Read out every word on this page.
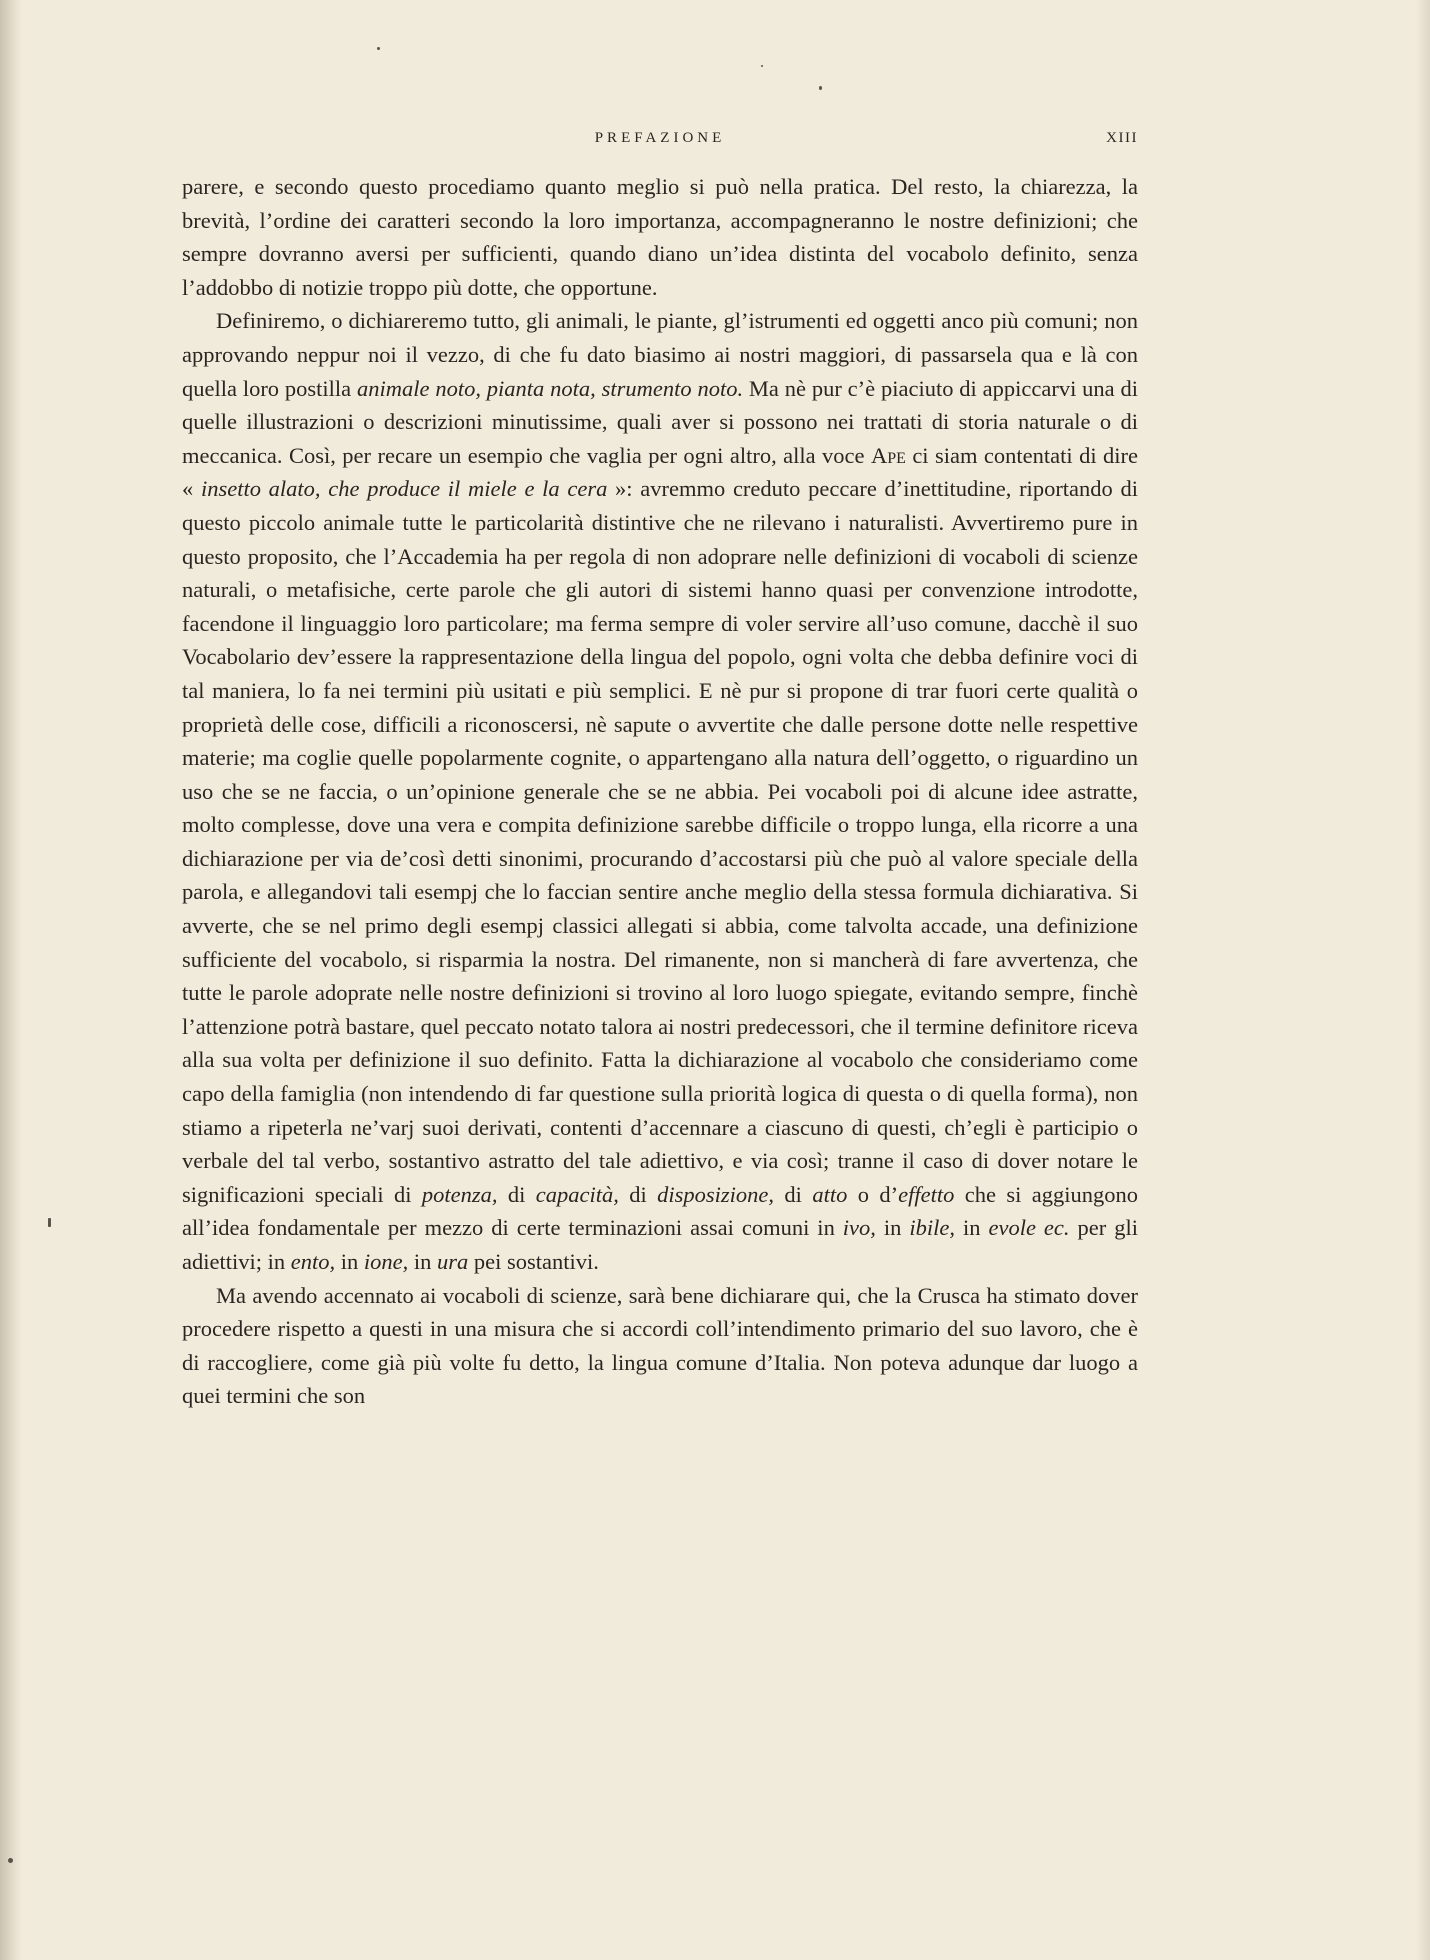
PREFAZIONE	XIII

parere, e secondo questo procediamo quanto meglio si può nella pratica. Del resto, la chiarezza, la brevità, l’ordine dei caratteri secondo la loro importanza, accompagneranno le nostre definizioni; che sempre dovranno aversi per sufficienti, quando diano un’idea distinta del vocabolo definito, senza l’addobbo di notizie troppo più dotte, che opportune.

Definiremo, o dichiareremo tutto, gli animali, le piante, gl’istrumenti ed oggetti anco più comuni; non approvando neppur noi il vezzo, di che fu dato biasimo ai nostri maggiori, di passarsela qua e là con quella loro postilla animale noto, pianta nota, strumento noto. Ma nè pur c’è piaciuto di appiccarvi una di quelle illustrazioni o descrizioni minutissime, quali aver si possono nei trattati di storia naturale o di meccanica. Così, per recare un esempio che vaglia per ogni altro, alla voce Ape ci siam contentati di dire « insetto alato, che produce il miele e la cera »: avremmo creduto peccare d’inettitudine, riportando di questo piccolo animale tutte le particolarità distintive che ne rilevano i naturalisti. Avvertiremo pure in questo proposito, che l’Accademia ha per regola di non adoprare nelle definizioni di vocaboli di scienze naturali, o metafisiche, certe parole che gli autori di sistemi hanno quasi per convenzione introdotte, facendone il linguaggio loro particolare; ma ferma sempre di voler servire all’uso comune, dacchè il suo Vocabolario dev’essere la rappresentazione della lingua del popolo, ogni volta che debba definire voci di tal maniera, lo fa nei termini più usitati e più semplici. E nè pur si propone di trar fuori certe qualità o proprietà delle cose, difficili a riconoscersi, nè sapute o avvertite che dalle persone dotte nelle respettive materie; ma coglie quelle popolarmente cognite, o appartengano alla natura dell’oggetto, o riguardino un uso che se ne faccia, o un’opinione generale che se ne abbia. Pei vocaboli poi di alcune idee astratte, molto complesse, dove una vera e compita definizione sarebbe difficile o troppo lunga, ella ricorre a una dichiarazione per via de’così detti sinonimi, procurando d’accostarsi più che può al valore speciale della parola, e allegandovi tali esempj che lo faccian sentire anche meglio della stessa formula dichiarativa. Si avverte, che se nel primo degli esempj classici allegati si abbia, come talvolta accade, una definizione sufficiente del vocabolo, si risparmia la nostra. Del rimanente, non si mancherà di fare avvertenza, che tutte le parole adoprate nelle nostre definizioni si trovino al loro luogo spiegate, evitando sempre, finchè l’attenzione potrà bastare, quel peccato notato talora ai nostri predecessori, che il termine definitore riceva alla sua volta per definizione il suo definito. Fatta la dichiarazione al vocabolo che consideriamo come capo della famiglia (non intendendo di far questione sulla priorità logica di questa o di quella forma), non stiamo a ripeterla ne’varj suoi derivati, contenti d’accennare a ciascuno di questi, ch’egli è participio o verbale del tal verbo, sostantivo astratto del tale adiettivo, e via così; tranne il caso di dover notare le significazioni speciali di potenza, di capacità, di disposizione, di atto o d’effetto che si aggiungono all’idea fondamentale per mezzo di certe terminazioni assai comuni in ivo, in ibile, in evole ec. per gli adiettivi; in ento, in ione, in ura pei sostantivi.

Ma avendo accennato ai vocaboli di scienze, sarà bene dichiarare qui, che la Crusca ha stimato dover procedere rispetto a questi in una misura che si accordi coll’intendimento primario del suo lavoro, che è di raccogliere, come già più volte fu detto, la lingua comune d’Italia. Non poteva adunque dar luogo a quei termini che son
